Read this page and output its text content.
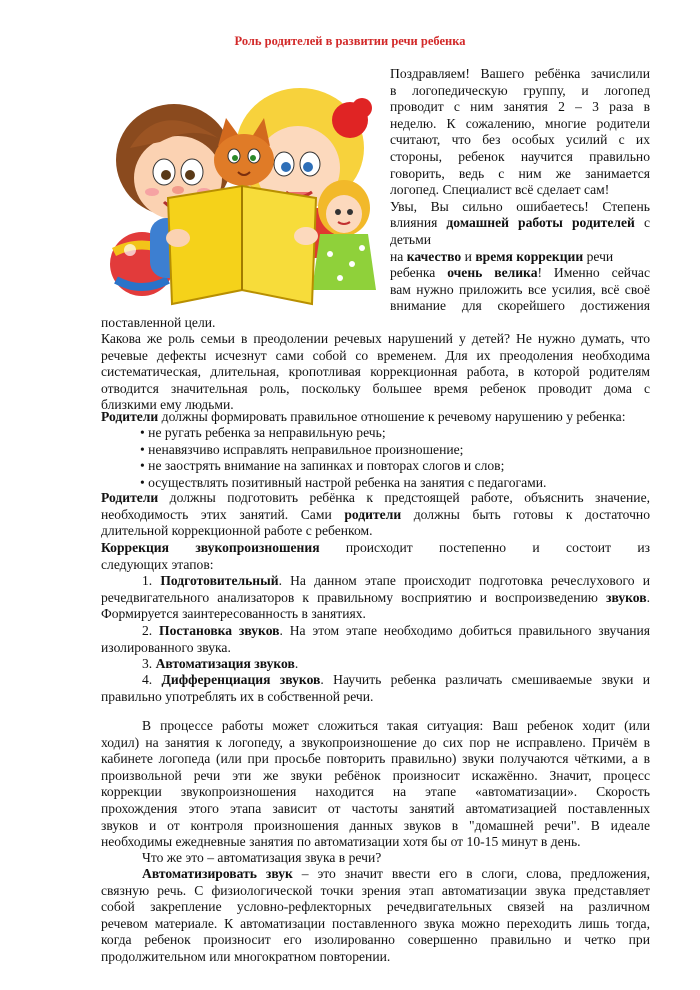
Роль родителей в развитии речи ребенка
Поздравляем! Вашего ребёнка зачислили
в логопедическую группу, и логопед
проводит с ним занятия 2 – 3 раза в
неделю. К сожалению, многие родители
считают, что без особых усилий с их
стороны, ребенок научится правильно
говорить, ведь с ним же занимается
логопед. Специалист всё сделает сам!
Увы, Вы сильно ошибаетесь! Степень
влияния домашней работы родителей с
детьми
на качество и время коррекции речи
ребенка очень велика! Именно сейчас
вам нужно приложить все усилия, всё своё
внимание для скорейшего достижения
поставленной цели.
Какова же роль семьи в преодолении речевых нарушений у детей? Не нужно думать, что
речевые дефекты исчезнут сами собой со временем. Для их преодоления необходима
систематическая, длительная, кропотливая коррекционная работа, в которой родителям
отводится значительная роль, поскольку большее время ребенок проводит дома с
близкими ему людьми.
Родители должны формировать правильное отношение к речевому нарушению у ребенка:
• не ругать ребенка за неправильную речь;
• ненавязчиво исправлять неправильное произношение;
• не заострять внимание на запинках и повторах слогов и слов;
• осуществлять позитивный настрой ребенка на занятия с педагогами.
Родители должны подготовить ребёнка к предстоящей работе, объяснить значение,
необходимость этих занятий. Сами родители должны быть готовы к достаточно
длительной коррекционной работе с ребенком.
Коррекция звукопроизношения происходит постепенно и состоит из
следующих этапов:
1. Подготовительный. На данном этапе происходит подготовка речеслухового и
речедвигательного анализаторов к правильному восприятию и воспроизведению звуков.
Формируется заинтересованность в занятиях.
2. Постановка звуков. На этом этапе необходимо добиться правильного звучания
изолированного звука.
3. Автоматизация звуков.
4. Дифференциация звуков. Научить ребенка различать смешиваемые звуки и
правильно употреблять их в собственной речи.
В процессе работы может сложиться такая ситуация: Ваш ребенок ходит (или
ходил) на занятия к логопеду, а звукопроизношение до сих пор не исправлено. Причём в
кабинете логопеда (или при просьбе повторить правильно) звуки получаются чёткими, а в
произвольной речи эти же звуки ребёнок произносит искажённо. Значит, процесс
коррекции звукопроизношения находится на этапе «автоматизации». Скорость
прохождения этого этапа зависит от частоты занятий автоматизацией поставленных
звуков и от контроля произношения данных звуков в "домашней речи". В идеале
необходимы ежедневные занятия по автоматизации хотя бы от 10-15 минут в день.
Что же это – автоматизация звука в речи?
Автоматизировать звук – это значит ввести его в слоги, слова, предложения,
связную речь. С физиологической точки зрения этап автоматизации звука представляет
собой закрепление условно-рефлекторных речедвигательных связей на различном
речевом материале. К автоматизации поставленного звука можно переходить лишь тогда,
когда ребенок произносит его изолированно совершенно правильно и четко при
продолжительном или многократном повторении.
